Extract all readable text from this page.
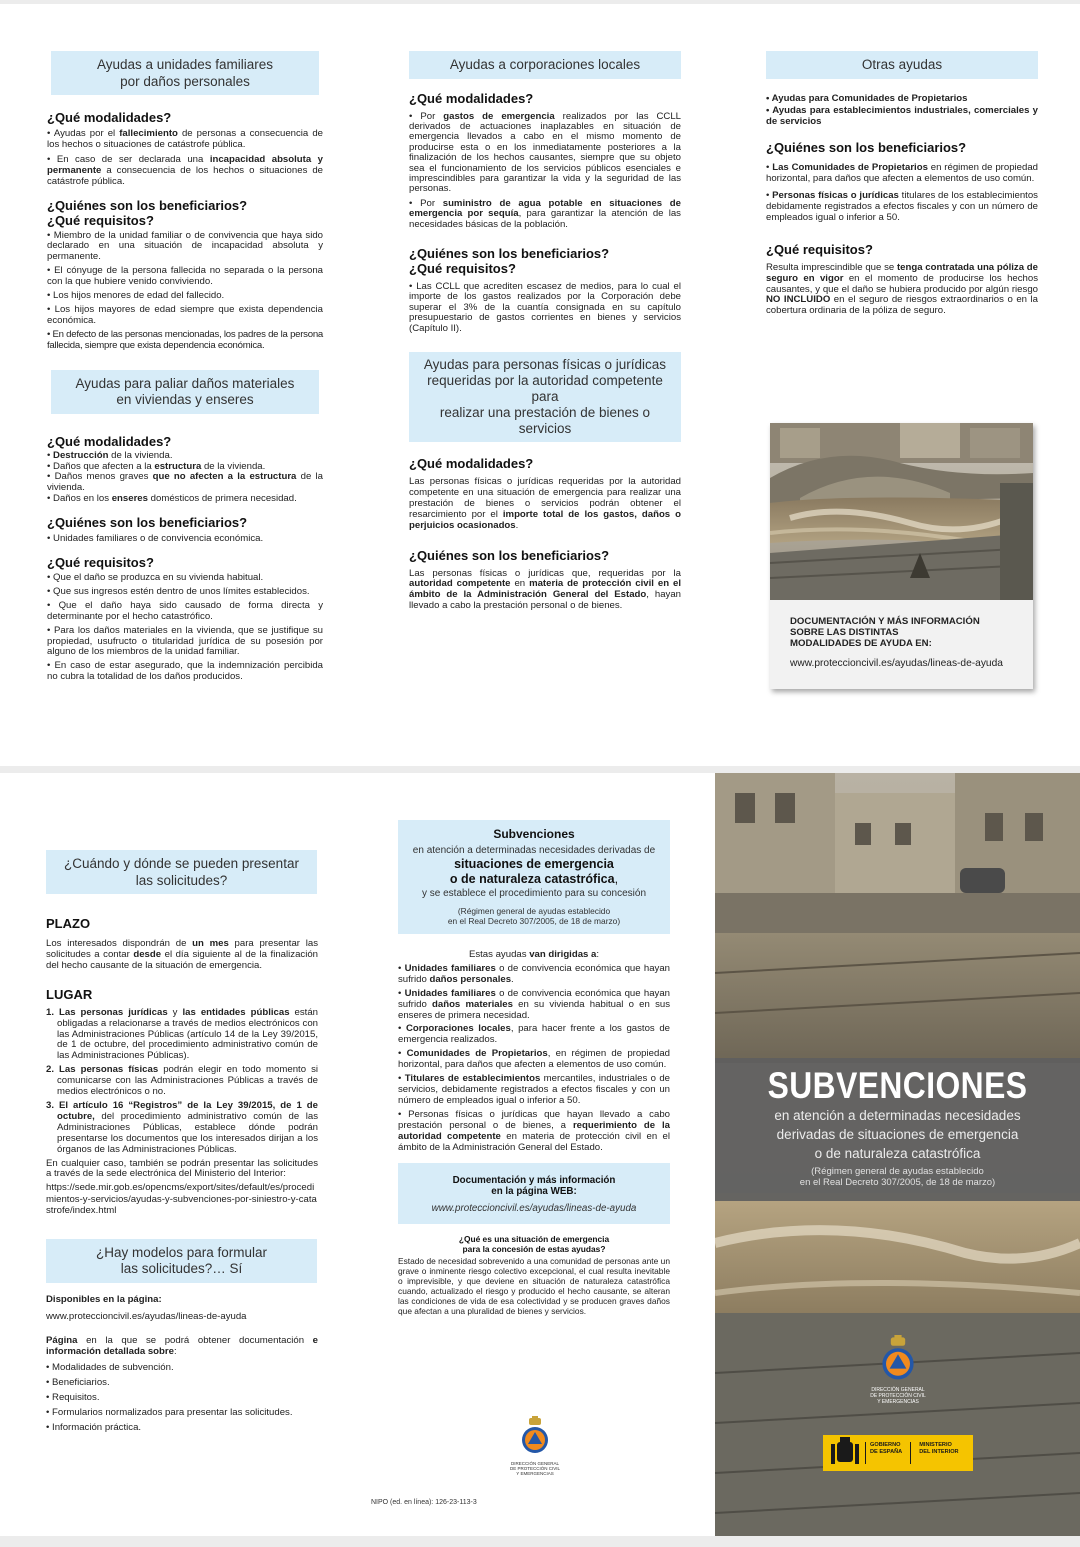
Ayudas a unidades familiares
por daños personales
¿Qué modalidades?
• Ayudas por el fallecimiento de personas a consecuencia de los hechos o situaciones de catástrofe pública.
• En caso de ser declarada una incapacidad absoluta y permanente a consecuencia de los hechos o situaciones de catástrofe pública.
¿Quiénes son los beneficiarios?
¿Qué requisitos?
• Miembro de la unidad familiar o de convivencia que haya sido declarado en una situación de incapacidad absoluta y permanente.
• El cónyuge de la persona fallecida no separada o la persona con la que hubiere venido conviviendo.
• Los hijos menores de edad del fallecido.
• Los hijos mayores de edad siempre que exista dependencia económica.
• En defecto de las personas mencionadas, los padres de la persona fallecida, siempre que exista dependencia económica.
Ayudas para paliar daños materiales
en viviendas y enseres
¿Qué modalidades?
• Destrucción de la vivienda.
• Daños que afecten a la estructura de la vivienda.
• Daños menos graves que no afecten a la estructura de la vivienda.
• Daños en los enseres domésticos de primera necesidad.
¿Quiénes son los beneficiarios?
• Unidades familiares o de convivencia económica.
¿Qué requisitos?
• Que el daño se produzca en su vivienda habitual.
• Que sus ingresos estén dentro de unos límites establecidos.
• Que el daño haya sido causado de forma directa y determinante por el hecho catastrófico.
• Para los daños materiales en la vivienda, que se justifique su propiedad, usufructo o titularidad jurídica de su posesión por alguno de los miembros de la unidad familiar.
• En caso de estar asegurado, que la indemnización percibida no cubra la totalidad de los daños producidos.
Ayudas a corporaciones locales
¿Qué modalidades?
• Por gastos de emergencia realizados por las CCLL derivados de actuaciones inaplazables en situación de emergencia llevados a cabo en el mismo momento de producirse esta o en los inmediatamente posteriores a la finalización de los hechos causantes, siempre que su objeto sea el funcionamiento de los servicios públicos esenciales e imprescindibles para garantizar la vida y la seguridad de las personas.
• Por suministro de agua potable en situaciones de emergencia por sequía, para garantizar la atención de las necesidades básicas de la población.
¿Quiénes son los beneficiarios?
¿Qué requisitos?
• Las CCLL que acrediten escasez de medios, para lo cual el importe de los gastos realizados por la Corporación debe superar el 3% de la cuantía consignada en su capítulo presupuestario de gastos corrientes en bienes y servicios (Capítulo II).
Ayudas para personas físicas o jurídicas
requeridas por la autoridad competente para
realizar una prestación de bienes o servicios
¿Qué modalidades?
Las personas físicas o jurídicas requeridas por la autoridad competente en una situación de emergencia para realizar una prestación de bienes o servicios podrán obtener el resarcimiento por el importe total de los gastos, daños o perjuicios ocasionados.
¿Quiénes son los beneficiarios?
Las personas físicas o jurídicas que, requeridas por la autoridad competente en materia de protección civil en el ámbito de la Administración General del Estado, hayan llevado a cabo la prestación personal o de bienes.
Otras ayudas
• Ayudas para Comunidades de Propietarios
• Ayudas para establecimientos industriales, comerciales y de servicios
¿Quiénes son los beneficiarios?
• Las Comunidades de Propietarios en régimen de propiedad horizontal, para daños que afecten a elementos de uso común.
• Personas físicas o jurídicas titulares de los establecimientos debidamente registrados a efectos fiscales y con un número de empleados igual o inferior a 50.
¿Qué requisitos?
Resulta imprescindible que se tenga contratada una póliza de seguro en vigor en el momento de producirse los hechos causantes, y que el daño se hubiera producido por algún riesgo NO INCLUIDO en el seguro de riesgos extraordinarios o en la cobertura ordinaria de la póliza de seguro.
DOCUMENTACIÓN Y MÁS INFORMACIÓN
SOBRE LAS DISTINTAS
MODALIDADES DE AYUDA EN:
www.proteccioncivil.es/ayudas/lineas-de-ayuda
¿Cuándo y dónde se pueden presentar
las solicitudes?
PLAZO
Los interesados dispondrán de un mes para presentar las solicitudes a contar desde el día siguiente al de la finalización del hecho causante de la situación de emergencia.
LUGAR
1. Las personas jurídicas y las entidades públicas están obligadas a relacionarse a través de medios electrónicos con las Administraciones Públicas (artículo 14 de la Ley 39/2015, de 1 de octubre, del procedimiento administrativo común de las Administraciones Públicas).
2. Las personas físicas podrán elegir en todo momento si comunicarse con las Administraciones Públicas a través de medios electrónicos o no.
3. El artículo 16 “Registros” de la Ley 39/2015, de 1 de octubre, del procedimiento administrativo común de las Administraciones Públicas, establece dónde podrán presentarse los documentos que los interesados dirijan a los órganos de las Administraciones Públicas.
En cualquier caso, también se podrán presentar las solicitudes a través de la sede electrónica del Ministerio del Interior:
https://sede.mir.gob.es/opencms/export/sites/default/es/procedimientos-y-servicios/ayudas-y-subvenciones-por-siniestro-y-catastrofe/index.html
¿Hay modelos para formular
las solicitudes?… Sí
Disponibles en la página:
www.proteccioncivil.es/ayudas/lineas-de-ayuda
Página en la que se podrá obtener documentación e información detallada sobre:
• Modalidades de subvención.
• Beneficiarios.
• Requisitos.
• Formularios normalizados para presentar las solicitudes.
• Información práctica.
Subvenciones
en atención a determinadas necesidades derivadas de
situaciones de emergencia
o de naturaleza catastrófica,
y se establece el procedimiento para su concesión
(Régimen general de ayudas establecido
en el Real Decreto 307/2005, de 18 de marzo)
Estas ayudas van dirigidas a:
• Unidades familiares o de convivencia económica que hayan sufrido daños personales.
• Unidades familiares o de convivencia económica que hayan sufrido daños materiales en su vivienda habitual o en sus enseres de primera necesidad.
• Corporaciones locales, para hacer frente a los gastos de emergencia realizados.
• Comunidades de Propietarios, en régimen de propiedad horizontal, para daños que afecten a elementos de uso común.
• Titulares de establecimientos mercantiles, industriales o de servicios, debidamente registrados a efectos fiscales y con un número de empleados igual o inferior a 50.
• Personas físicas o jurídicas que hayan llevado a cabo prestación personal o de bienes, a requerimiento de la autoridad competente en materia de protección civil en el ámbito de la Administración General del Estado.
Documentación y más información
en la página WEB:
www.proteccioncivil.es/ayudas/lineas-de-ayuda
¿Qué es una situación de emergencia
para la concesión de estas ayudas?
Estado de necesidad sobrevenido a una comunidad de personas ante un grave o inminente riesgo colectivo excepcional, el cual resulta inevitable o imprevisible, y que deviene en situación de naturaleza catastrófica cuando, actualizado el riesgo y producido el hecho causante, se alteran las condiciones de vida de esa colectividad y se producen graves daños que afectan a una pluralidad de bienes y servicios.
DIRECCIÓN GENERAL
DE PROTECCIÓN CIVIL
Y EMERGENCIAS
NIPO (ed. en línea): 126-23-113-3
SUBVENCIONES
en atención a determinadas necesidades
derivadas de situaciones de emergencia
o de naturaleza catastrófica
(Régimen general de ayudas establecido
en el Real Decreto 307/2005, de 18 de marzo)
DIRECCIÓN GENERAL
DE PROTECCIÓN CIVIL
Y EMERGENCIAS
GOBIERNO
DE ESPAÑA
MINISTERIO
DEL INTERIOR
